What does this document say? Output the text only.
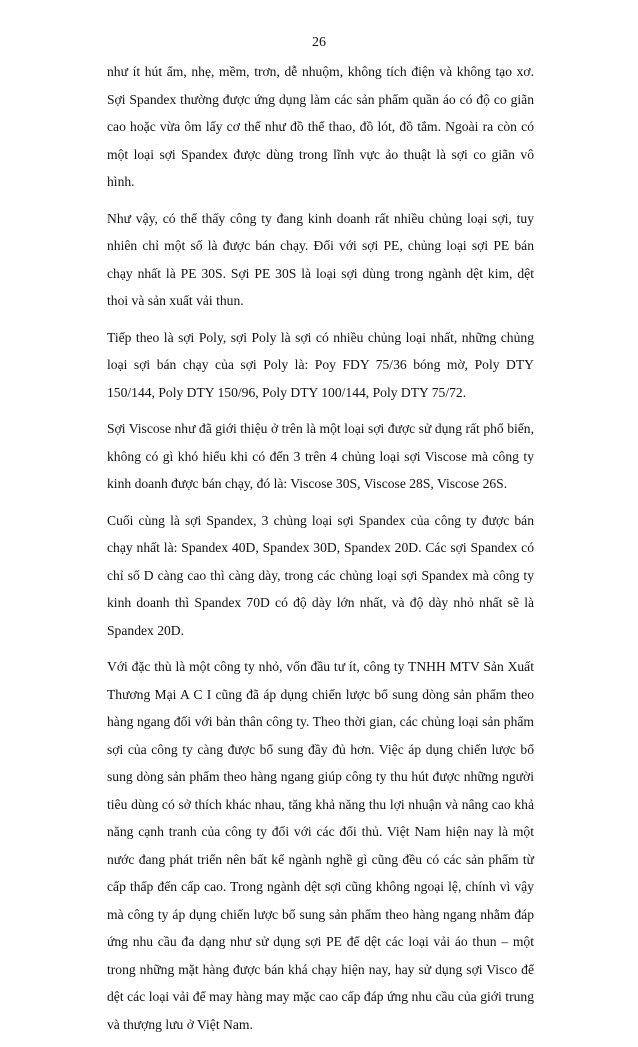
26

như ít hút ẩm, nhẹ, mềm, trơn, dễ nhuộm, không tích điện và không tạo xơ. Sợi Spandex thường được ứng dụng làm các sản phẩm quần áo có độ co giãn cao hoặc vừa ôm lấy cơ thể như đồ thể thao, đồ lót, đồ tắm. Ngoài ra còn có một loại sợi Spandex được dùng trong lĩnh vực ảo thuật là sợi co giãn vô hình.

Như vậy, có thể thấy công ty đang kinh doanh rất nhiều chủng loại sợi, tuy nhiên chỉ một số là được bán chạy. Đối với sợi PE, chủng loại sợi PE bán chạy nhất là PE 30S. Sợi PE 30S là loại sợi dùng trong ngành dệt kim, dệt thoi và sản xuất vải thun.

Tiếp theo là sợi Poly, sợi Poly là sợi có nhiều chủng loại nhất, những chủng loại sợi bán chạy của sợi Poly là: Poy FDY 75/36 bóng mờ, Poly DTY 150/144, Poly DTY 150/96, Poly DTY 100/144, Poly DTY 75/72.

Sợi Viscose như đã giới thiệu ở trên là một loại sợi được sử dụng rất phổ biến, không có gì khó hiểu khi có đến 3 trên 4 chủng loại sợi Viscose mà công ty kinh doanh được bán chạy, đó là: Viscose 30S, Viscose 28S, Viscose 26S.

Cuối cùng là sợi Spandex, 3 chủng loại sợi Spandex của công ty được bán chạy nhất là: Spandex 40D, Spandex 30D, Spandex 20D. Các sợi Spandex có chỉ số D càng cao thì càng dày, trong các chủng loại sợi Spandex mà công ty kinh doanh thì Spandex 70D có độ dày lớn nhất, và độ dày nhỏ nhất sẽ là Spandex 20D.

Với đặc thù là một công ty nhỏ, vốn đầu tư ít, công ty TNHH MTV Sản Xuất Thương Mại A C I cũng đã áp dụng chiến lược bổ sung dòng sản phẩm theo hàng ngang đối với bản thân công ty. Theo thời gian, các chủng loại sản phẩm sợi của công ty càng được bổ sung đầy đủ hơn. Việc áp dụng chiến lược bổ sung dòng sản phẩm theo hàng ngang giúp công ty thu hút được những người tiêu dùng có sở thích khác nhau, tăng khả năng thu lợi nhuận và nâng cao khả năng cạnh tranh của công ty đối với các đối thủ. Việt Nam hiện nay là một nước đang phát triển nên bất kể ngành nghề gì cũng đều có các sản phẩm từ cấp thấp đến cấp cao. Trong ngành dệt sợi cũng không ngoại lệ, chính vì vậy mà công ty áp dụng chiến lược bổ sung sản phẩm theo hàng ngang nhằm đáp ứng nhu cầu đa dạng như sử dụng sợi PE để dệt các loại vải áo thun – một trong những mặt hàng được bán khá chạy hiện nay, hay sử dụng sợi Visco để dệt các loại vải để may hàng may mặc cao cấp đáp ứng nhu cầu của giới trung và thượng lưu ở Việt Nam.
